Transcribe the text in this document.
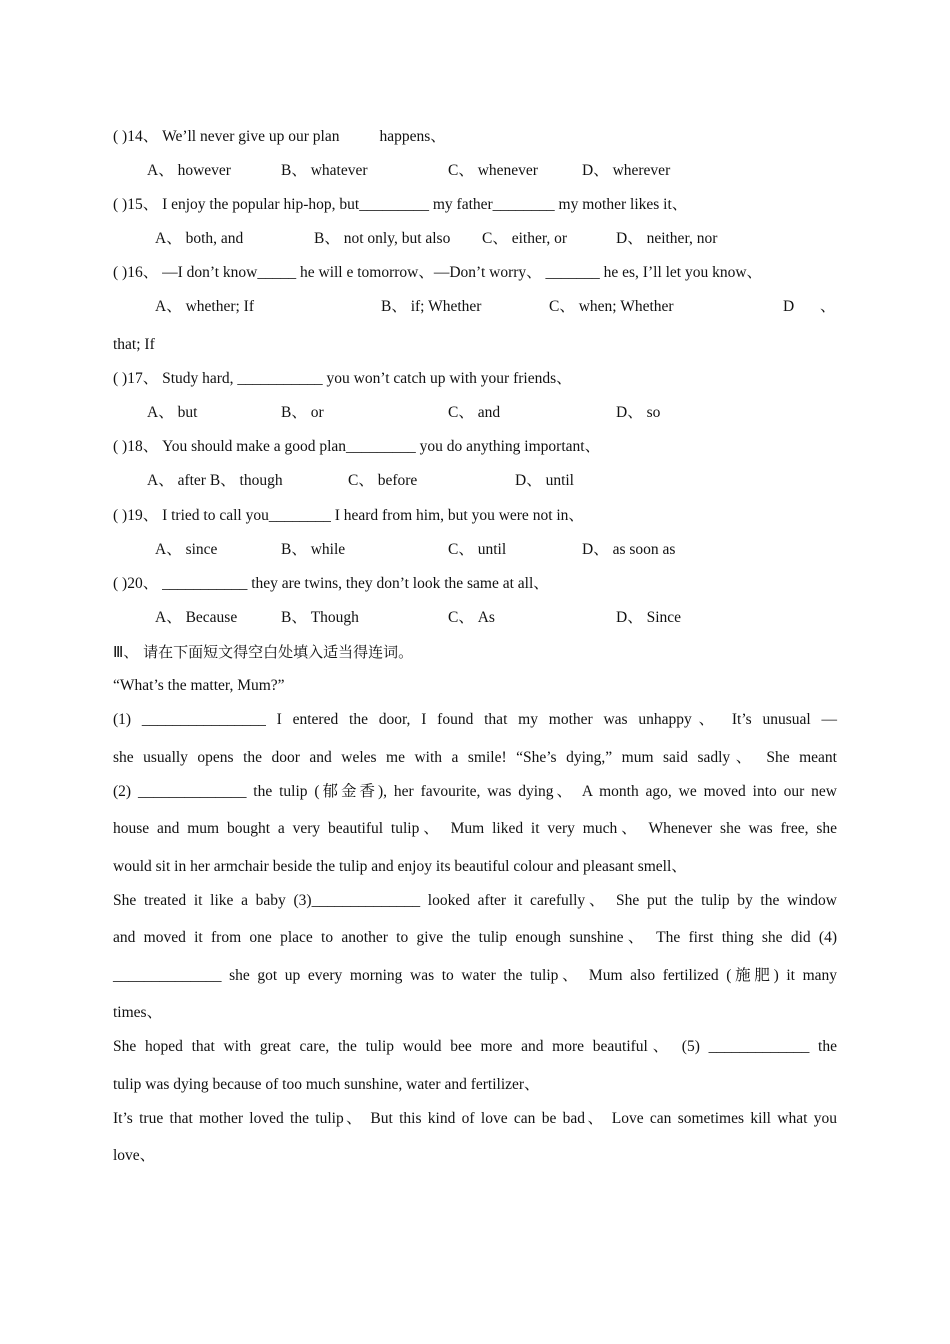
( )14、 We’ll never give up our plan	happens、
A、 however	B、 whatever	C、 whenever	D、 wherever
( )15、 I enjoy the popular hip-hop, but_________ my father________ my mother likes it、
A、 both, and	B、 not only, but also C、 either, or	D、 neither, nor
( )16、 —I don’t know_____ he will e tomorrow、—Don’t worry、 _______ he es, I’ll let you know、
A、 whether; If	B、 if; Whether	C、 when; Whether	D 、
that; If
( )17、 Study hard, ___________ you won’t catch up with your friends、
A、 but	B、 or	C、 and	D、 so
( )18、 You should make a good plan_________ you do anything important、
A、 after B、 though	C、 before	D、 until
( )19、 I tried to call you________ I heard from him, but you were not in、
A、 since	B、 while	C、 until	D、 as soon as
( )20、 ___________ they are twins, they don’t look the same at all、
A、 Because	B、 Though	C、 As	D、 Since
Ⅲ、 请在下面短文得空白处填入适当得连词。
“What’s the matter, Mum?”
(1) ________________ I entered the door, I found that my mother was unhappy、 It’s unusual —
she usually opens the door and weles me with a smile! “She’s dying,” mum said sadly、 She meant
(2) ______________ the tulip (郁金香), her favourite, was dying、 A month ago, we moved into our new
house and mum bought a very beautiful tulip、 Mum liked it very much、 Whenever she was free, she
would sit in her armchair beside the tulip and enjoy its beautiful colour and pleasant smell、
She treated it like a baby (3)______________ looked after it carefully、 She put the tulip by the window
and moved it from one place to another to give the tulip enough sunshine、 The first thing she did (4)
______________ she got up every morning was to water the tulip、 Mum also fertilized (施肥) it many
times、
She hoped that with great care, the tulip would bee more and more beautiful、 (5) _____________ the
tulip was dying because of too much sunshine, water and fertilizer、
It’s true that mother loved the tulip、 But this kind of love can be bad、 Love can sometimes kill what you
love、
